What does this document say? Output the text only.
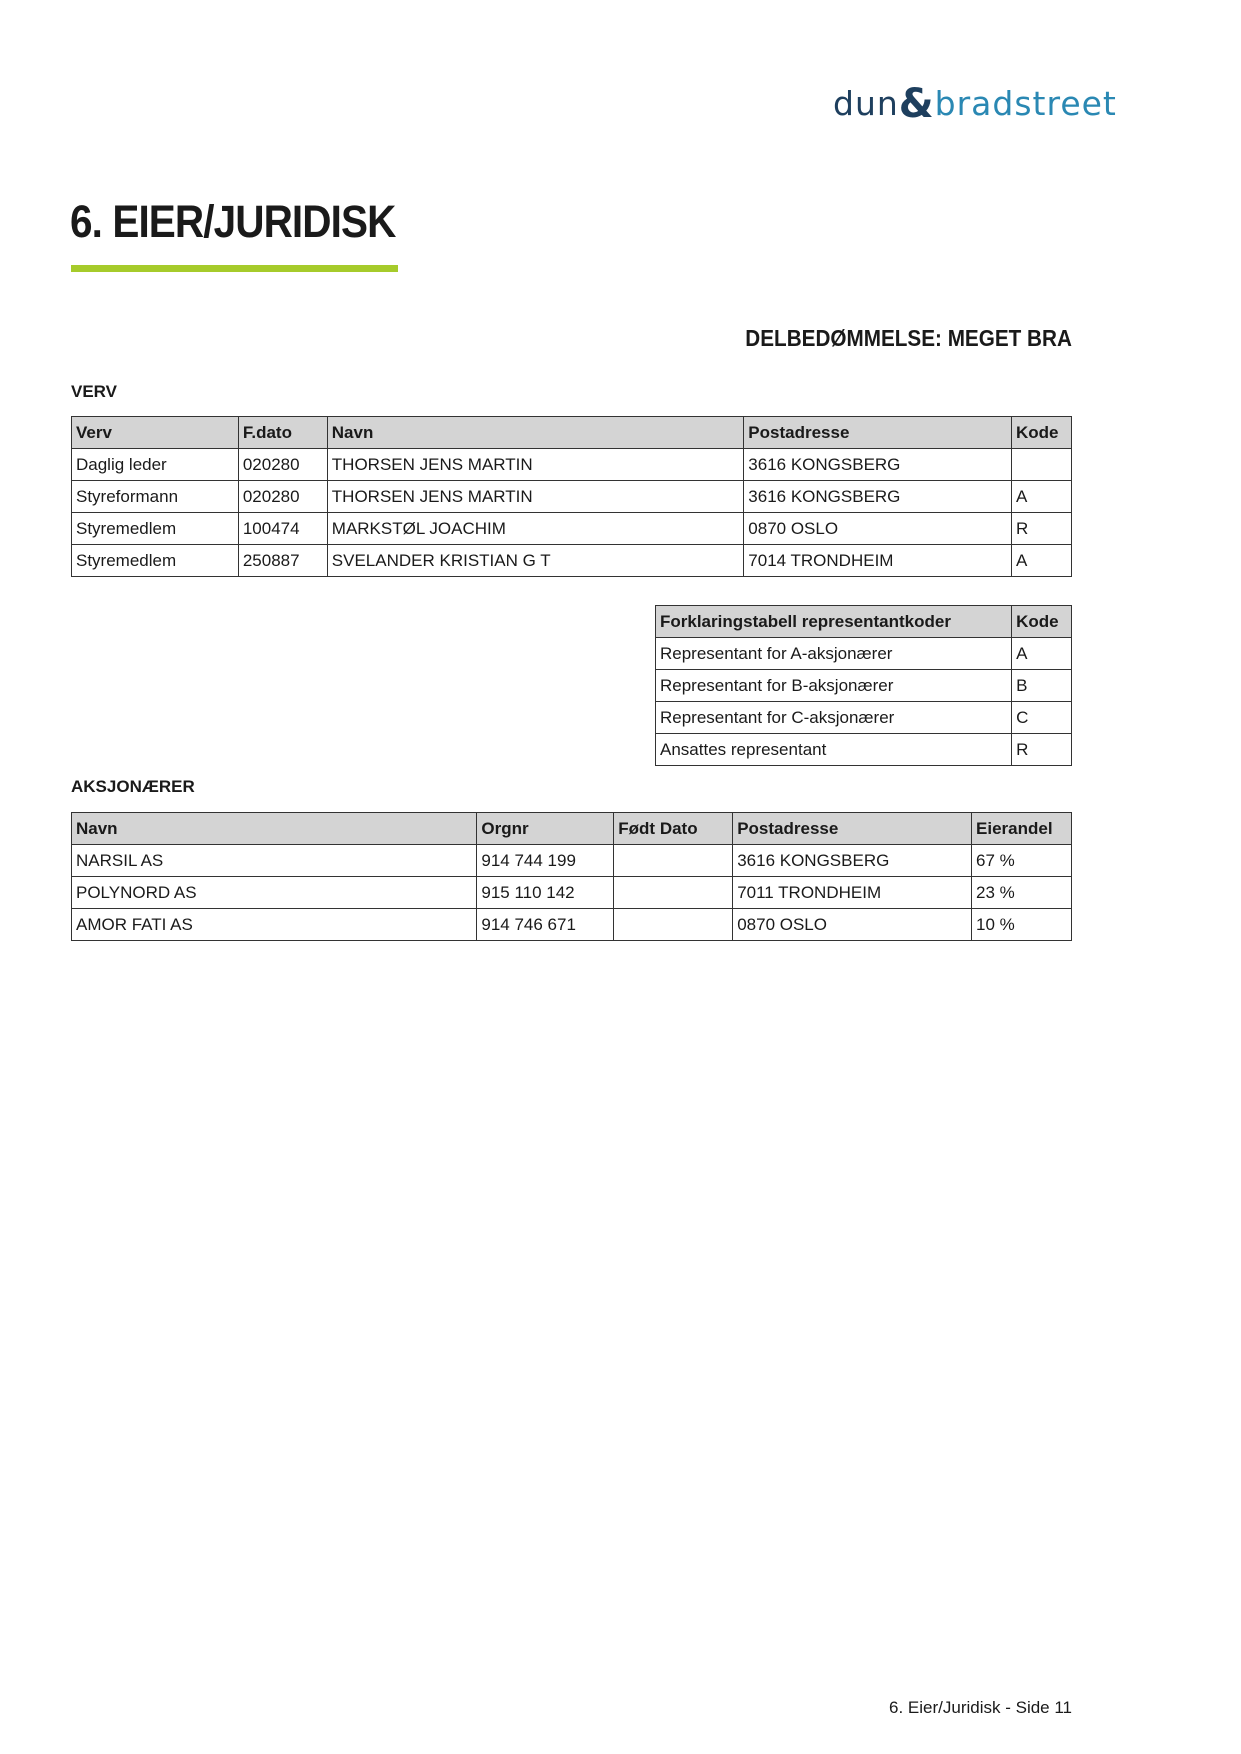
dun&bradstreet
6. EIER/JURIDISK
DELBEDØMMELSE: MEGET BRA
VERV
Verv	F.dato	Navn	Postadresse	Kode
Daglig leder	020280	THORSEN JENS MARTIN	3616 KONGSBERG	
Styreformann	020280	THORSEN JENS MARTIN	3616 KONGSBERG	A
Styremedlem	100474	MARKSTØL JOACHIM	0870 OSLO	R
Styremedlem	250887	SVELANDER KRISTIAN G T	7014 TRONDHEIM	A
Forklaringstabell representantkoder	Kode
Representant for A-aksjonærer	A
Representant for B-aksjonærer	B
Representant for C-aksjonærer	C
Ansattes representant	R
AKSJONÆRER
Navn	Orgnr	Født Dato	Postadresse	Eierandel
NARSIL AS	914 744 199		3616 KONGSBERG	67 %
POLYNORD AS	915 110 142		7011 TRONDHEIM	23 %
AMOR FATI AS	914 746 671		0870 OSLO	10 %
6. Eier/Juridisk - Side 11
